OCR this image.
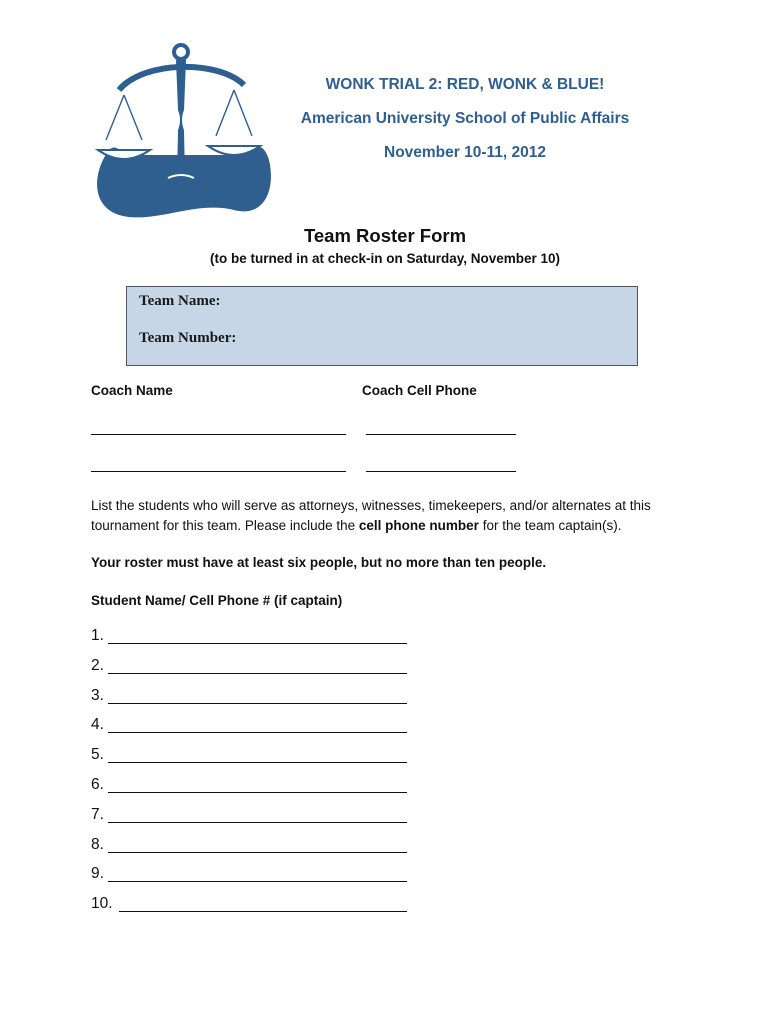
WONK TRIAL 2: RED, WONK & BLUE!
American University School of Public Affairs
November 10-11, 2012
Team Roster Form
(to be turned in at check-in on Saturday, November 10)
Team Name:
Team Number:
Coach Name	Coach Cell Phone
List the students who will serve as attorneys, witnesses, timekeepers, and/or alternates at this tournament for this team. Please include the cell phone number for the team captain(s).
Your roster must have at least six people, but no more than ten people.
Student Name/ Cell Phone # (if captain)
1.
2.
3.
4.
5.
6.
7.
8.
9.
10.
